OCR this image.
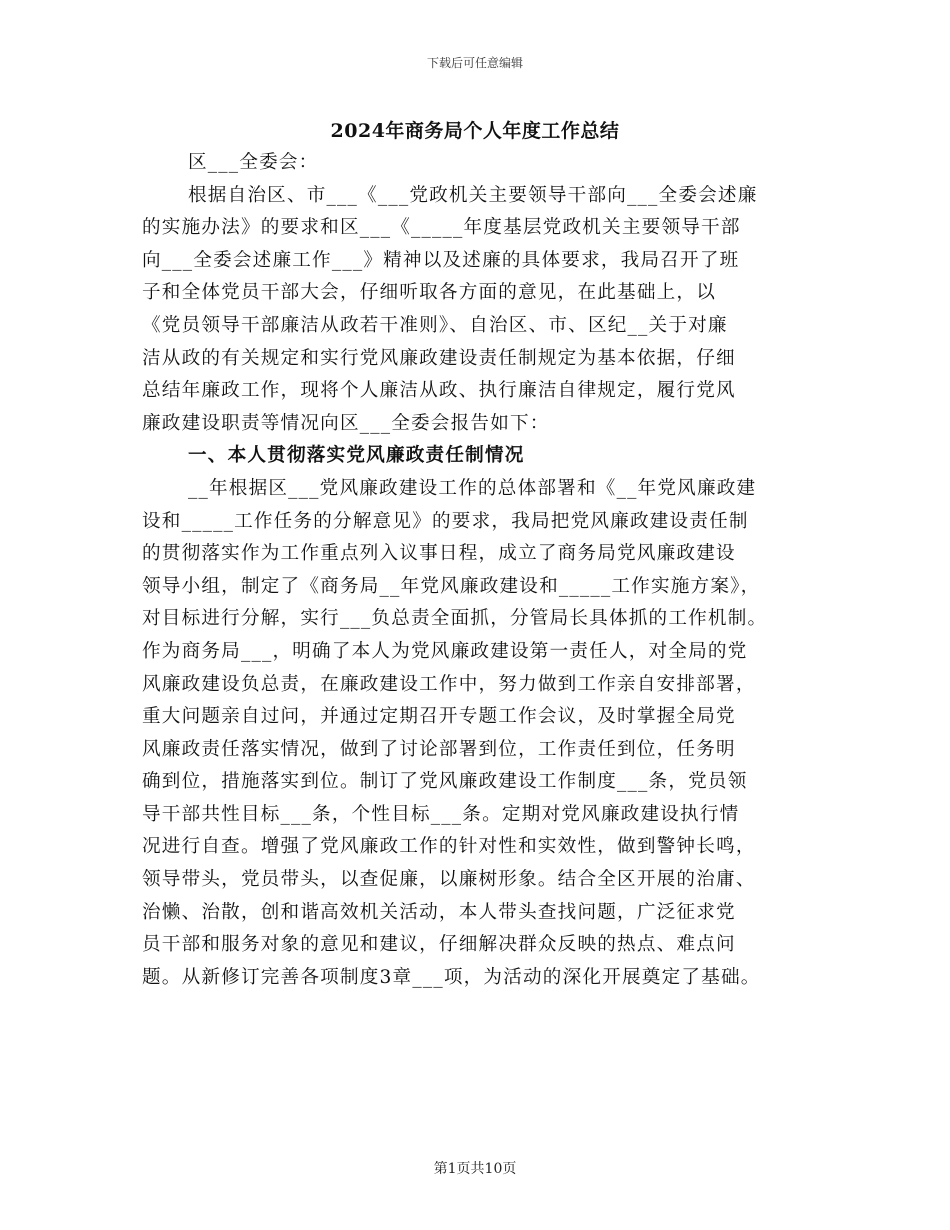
下载后可任意编辑
2024年商务局个人年度工作总结
区___全委会：
根据自治区、市___《___党政机关主要领导干部向___全委会述廉
的实施办法》的要求和区___《_____年度基层党政机关主要领导干部
向___全委会述廉工作___》精神以及述廉的具体要求，我局召开了班
子和全体党员干部大会，仔细听取各方面的意见，在此基础上，以
《党员领导干部廉洁从政若干准则》、自治区、市、区纪__关于对廉
洁从政的有关规定和实行党风廉政建设责任制规定为基本依据，仔细
总结年廉政工作，现将个人廉洁从政、执行廉洁自律规定，履行党风
廉政建设职责等情况向区___全委会报告如下：
一、本人贯彻落实党风廉政责任制情况
__年根据区___党风廉政建设工作的总体部署和《__年党风廉政建
设和_____工作任务的分解意见》的要求，我局把党风廉政建设责任制
的贯彻落实作为工作重点列入议事日程，成立了商务局党风廉政建设
领导小组，制定了《商务局__年党风廉政建设和_____工作实施方案》，
对目标进行分解，实行___负总责全面抓，分管局长具体抓的工作机制。
作为商务局___，明确了本人为党风廉政建设第一责任人，对全局的党
风廉政建设负总责，在廉政建设工作中，努力做到工作亲自安排部署，
重大问题亲自过问，并通过定期召开专题工作会议，及时掌握全局党
风廉政责任落实情况，做到了讨论部署到位，工作责任到位，任务明
确到位，措施落实到位。制订了党风廉政建设工作制度___条，党员领
导干部共性目标___条，个性目标___条。定期对党风廉政建设执行情
况进行自查。增强了党风廉政工作的针对性和实效性，做到警钟长鸣，
领导带头，党员带头，以查促廉，以廉树形象。结合全区开展的治庸、
治懒、治散，创和谐高效机关活动，本人带头查找问题，广泛征求党
员干部和服务对象的意见和建议，仔细解决群众反映的热点、难点问
题。从新修订完善各项制度3章___项，为活动的深化开展奠定了基础。
第1页共10页
